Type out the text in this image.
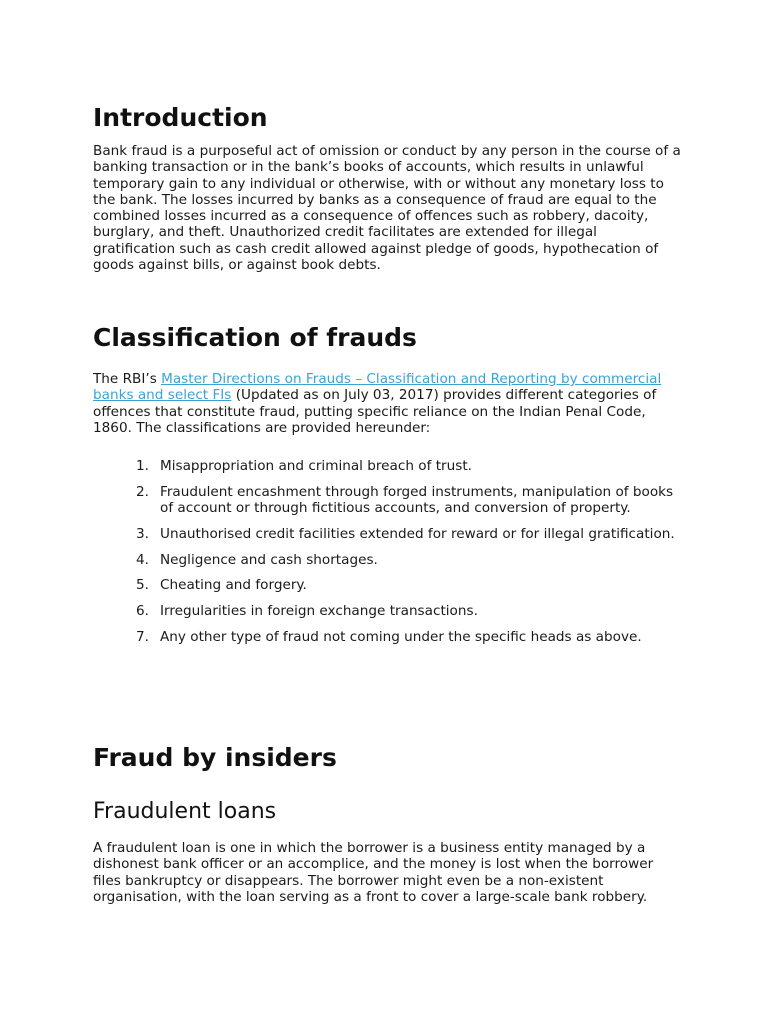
Introduction

Bank fraud is a purposeful act of omission or conduct by any person in the course of a banking transaction or in the bank’s books of accounts, which results in unlawful temporary gain to any individual or otherwise, with or without any monetary loss to the bank. The losses incurred by banks as a consequence of fraud are equal to the combined losses incurred as a consequence of offences such as robbery, dacoity, burglary, and theft. Unauthorized credit facilitates are extended for illegal gratification such as cash credit allowed against pledge of goods, hypothecation of goods against bills, or against book debts.

Classification of frauds

The RBI’s Master Directions on Frauds – Classification and Reporting by commercial banks and select FIs (Updated as on July 03, 2017) provides different categories of offences that constitute fraud, putting specific reliance on the Indian Penal Code, 1860. The classifications are provided hereunder:

1. Misappropriation and criminal breach of trust.
2. Fraudulent encashment through forged instruments, manipulation of books of account or through fictitious accounts, and conversion of property.
3. Unauthorised credit facilities extended for reward or for illegal gratification.
4. Negligence and cash shortages.
5. Cheating and forgery.
6. Irregularities in foreign exchange transactions.
7. Any other type of fraud not coming under the specific heads as above.
Fraud by insiders
Fraudulent loans

A fraudulent loan is one in which the borrower is a business entity managed by a dishonest bank officer or an accomplice, and the money is lost when the borrower files bankruptcy or disappears. The borrower might even be a non-existent organisation, with the loan serving as a front to cover a large-scale bank robbery.
